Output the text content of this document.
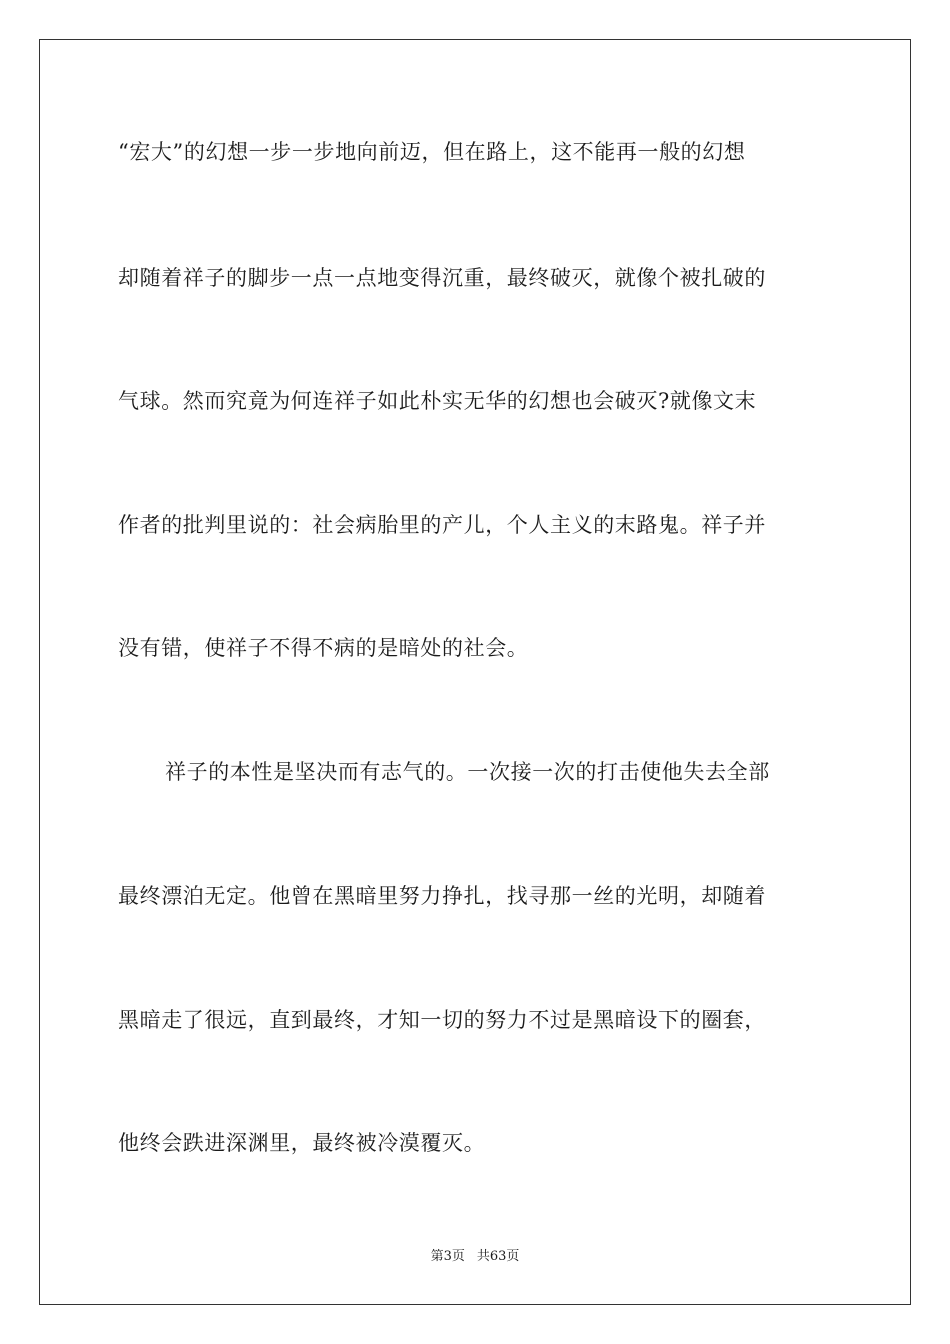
“宏大”的幻想一步一步地向前迈，但在路上，这不能再一般的幻想
却随着祥子的脚步一点一点地变得沉重，最终破灭，就像个被扎破的
气球。然而究竟为何连祥子如此朴实无华的幻想也会破灭?就像文末
作者的批判里说的：社会病胎里的产儿，个人主义的末路鬼。祥子并
没有错，使祥子不得不病的是暗处的社会。
祥子的本性是坚决而有志气的。一次接一次的打击使他失去全部
最终漂泊无定。他曾在黑暗里努力挣扎，找寻那一丝的光明，却随着
黑暗走了很远，直到最终，才知一切的努力不过是黑暗设下的圈套，
他终会跌进深渊里，最终被冷漠覆灭。
第3页 共63页
